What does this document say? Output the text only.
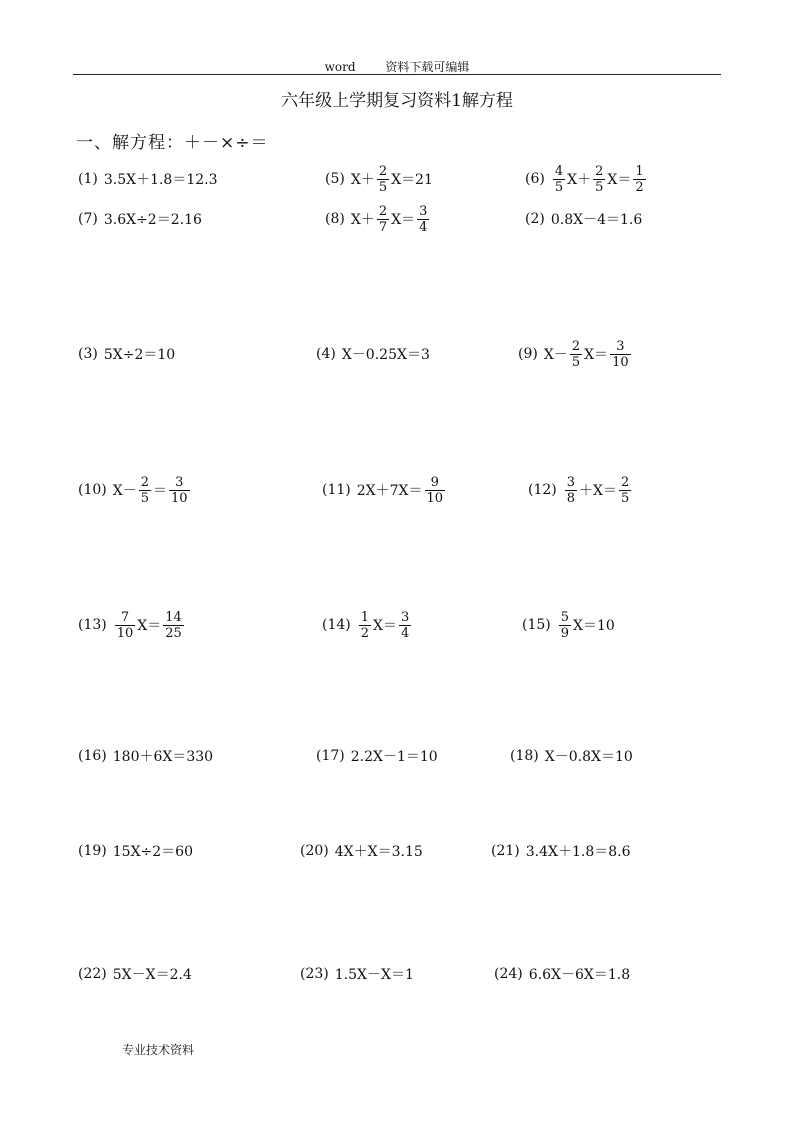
word 资料下载可编辑
六年级上学期复习资料1解方程
一、解方程：＋－×÷＝
(1) 3.5X＋1.8＝12.3	(5) $X+ \frac{2}{5} X=21$	$(6) \frac{4}{5} X+ \frac{2}{5} X= \frac{1}{2}$
(7) 3.6X÷2＝2.16	(8) $X+ \frac{2}{7} X= \frac{3}{4}$	(2) 0.8X－4＝1.6
(3) 5X÷2＝10	(4) X－0.25X＝3	(9) $X- \frac{2}{5} X= \frac{3}{10}$
(10) $X- \frac{2}{5} = \frac{3}{10}$	(11) $2X+7X= \frac{9}{10}$	$(12) \frac{3}{8} +X= \frac{2}{5}$
$(13) \frac{7}{10} X= \frac{14}{25}$	$(14) \frac{1}{2} X= \frac{3}{4}$	$(15) \frac{5}{9} X=10$
(16) 180＋6X＝330	(17) 2.2X－1＝10	(18) X－0.8X＝10
(19) 15X÷2＝60	(20) 4X＋X＝3.15	(21) 3.4X＋1.8＝8.6
(22) 5X－X＝2.4	(23) 1.5X－X＝1	(24) 6.6X－6X＝1.8
专业技术资料
